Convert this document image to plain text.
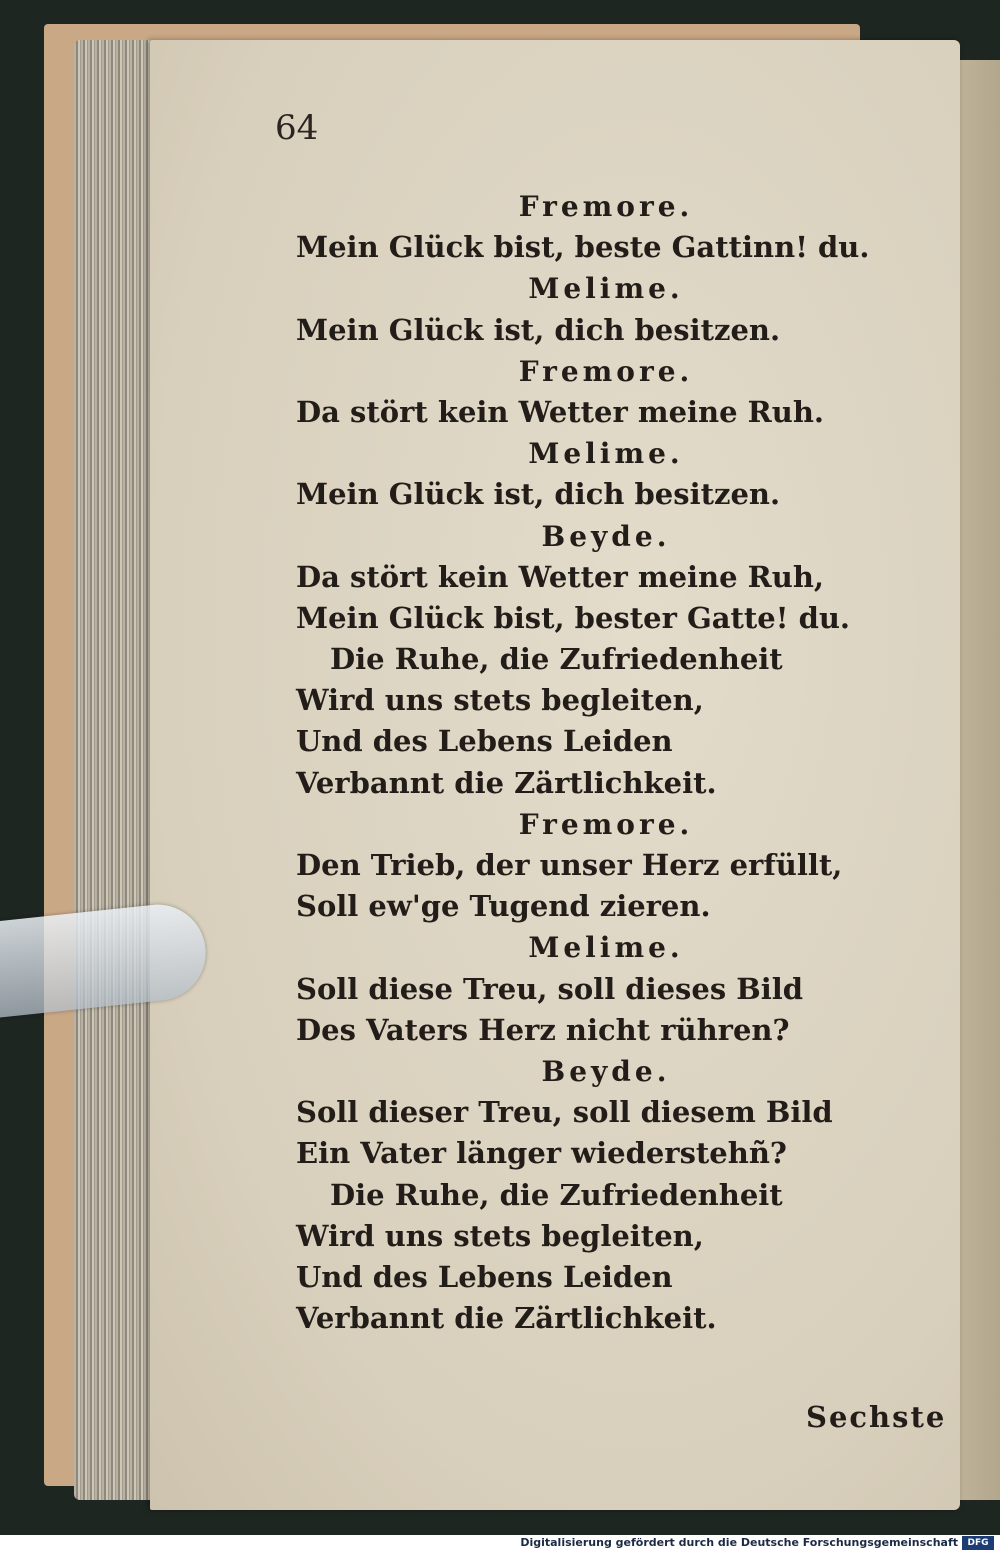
64
Fremore.
Mein Glück bist, beste Gattinn! du.
Melime.
Mein Glück ist, dich besitzen.
Fremore.
Da stört kein Wetter meine Ruh.
Melime.
Mein Glück ist, dich besitzen.
Beyde.
Da stört kein Wetter meine Ruh,
Mein Glück bist, bester Gatte! du.
Die Ruhe, die Zufriedenheit
Wird uns stets begleiten,
Und des Lebens Leiden
Verbannt die Zärtlichkeit.
Fremore.
Den Trieb, der unser Herz erfüllt,
Soll ew'ge Tugend zieren.
Melime.
Soll diese Treu, soll dieses Bild
Des Vaters Herz nicht rühren?
Beyde.
Soll dieser Treu, soll diesem Bild
Ein Vater länger wiederstehñ?
Die Ruhe, die Zufriedenheit
Wird uns stets begleiten,
Und des Lebens Leiden
Verbannt die Zärtlichkeit.
Sechste
Digitalisierung gefördert durch die Deutsche Forschungsgemeinschaft	DFG
